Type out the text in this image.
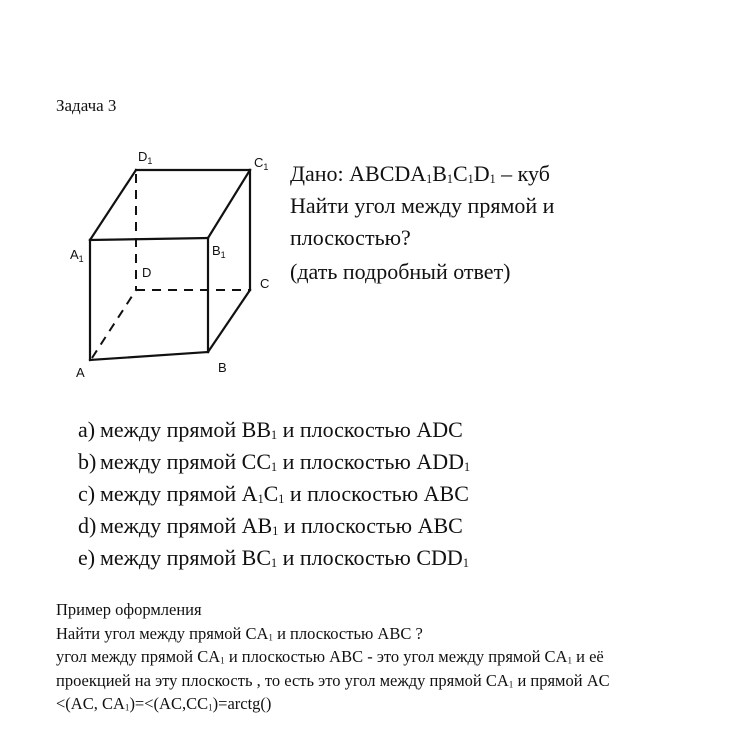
Задача 3
$D_1$	$C_1$
$A_1$
$B_1$
D
C
A	B
Дано: $ABCDA_1B_1C_1D_1$ – куб
Найти угол между прямой и
плоскостью?
(дать подробный ответ)
a) между прямой $BB_1$ и плоскостью ADC
b) между прямой $CC_1$ и плоскостью $ADD_1$
c) между прямой $A_1C_1$ и плоскостью ABC
d) между прямой $AB_1$ и плоскостью ABC
e) между прямой $BC_1$ и плоскостью $CDD_1$
Пример оформления
Найти угол между прямой $CA_1$ и плоскостью ABC ?
угол между прямой $CA_1$ и плоскостью ABC - это угол между прямой $CA_1$ и её
проекцией на эту плоскость , то есть это угол между прямой $CA_1$ и прямой AC
<(AC, $CA_1)=<(AC,CC_1)=arctg()$
